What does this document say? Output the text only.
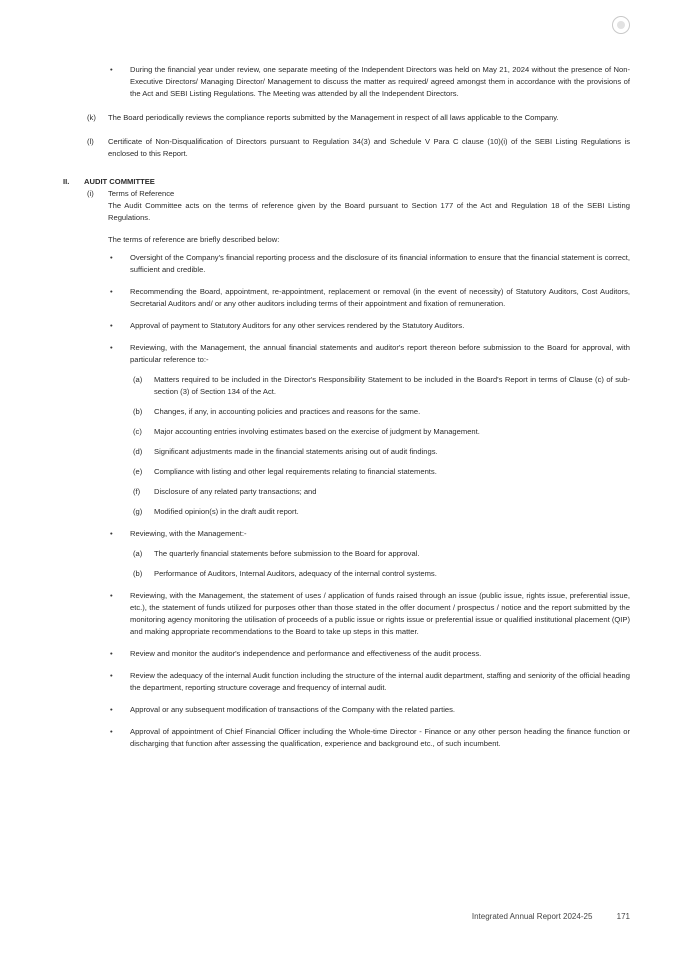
• During the financial year under review, one separate meeting of the Independent Directors was held on May 21, 2024 without the presence of Non-Executive Directors/ Managing Director/ Management to discuss the matter as required/ agreed amongst them in accordance with the provisions of the Act and SEBI Listing Regulations. The Meeting was attended by all the Independent Directors.

(k) The Board periodically reviews the compliance reports submitted by the Management in respect of all laws applicable to the Company.

(l) Certificate of Non-Disqualification of Directors pursuant to Regulation 34(3) and Schedule V Para C clause (10)(i) of the SEBI Listing Regulations is enclosed to this Report.

II. AUDIT COMMITTEE
(i) Terms of Reference

The Audit Committee acts on the terms of reference given by the Board pursuant to Section 177 of the Act and Regulation 18 of the SEBI Listing Regulations.

The terms of reference are briefly described below:

• Oversight of the Company's financial reporting process and the disclosure of its financial information to ensure that the financial statement is correct, sufficient and credible.

• Recommending the Board, appointment, re-appointment, replacement or removal (in the event of necessity) of Statutory Auditors, Cost Auditors, Secretarial Auditors and/ or any other auditors including terms of their appointment and fixation of remuneration.

• Approval of payment to Statutory Auditors for any other services rendered by the Statutory Auditors.

• Reviewing, with the Management, the annual financial statements and auditor's report thereon before submission to the Board for approval, with particular reference to:-

(a) Matters required to be included in the Director's Responsibility Statement to be included in the Board's Report in terms of Clause (c) of sub-section (3) of Section 134 of the Act.

(b) Changes, if any, in accounting policies and practices and reasons for the same.

(c) Major accounting entries involving estimates based on the exercise of judgment by Management.

(d) Significant adjustments made in the financial statements arising out of audit findings.

(e) Compliance with listing and other legal requirements relating to financial statements.

(f) Disclosure of any related party transactions; and

(g) Modified opinion(s) in the draft audit report.

• Reviewing, with the Management:-

(a) The quarterly financial statements before submission to the Board for approval.

(b) Performance of Auditors, Internal Auditors, adequacy of the internal control systems.

• Reviewing, with the Management, the statement of uses / application of funds raised through an issue (public issue, rights issue, preferential issue, etc.), the statement of funds utilized for purposes other than those stated in the offer document / prospectus / notice and the report submitted by the monitoring agency monitoring the utilisation of proceeds of a public issue or rights issue or preferential issue or qualified institutional placement (QIP) and making appropriate recommendations to the Board to take up steps in this matter.

• Review and monitor the auditor's independence and performance and effectiveness of the audit process.

• Review the adequacy of the internal Audit function including the structure of the internal audit department, staffing and seniority of the official heading the department, reporting structure coverage and frequency of internal audit.

• Approval or any subsequent modification of transactions of the Company with the related parties.

• Approval of appointment of Chief Financial Officer including the Whole-time Director - Finance or any other person heading the finance function or discharging that function after assessing the qualification, experience and background etc., of such incumbent.

Integrated Annual Report 2024-25	171
